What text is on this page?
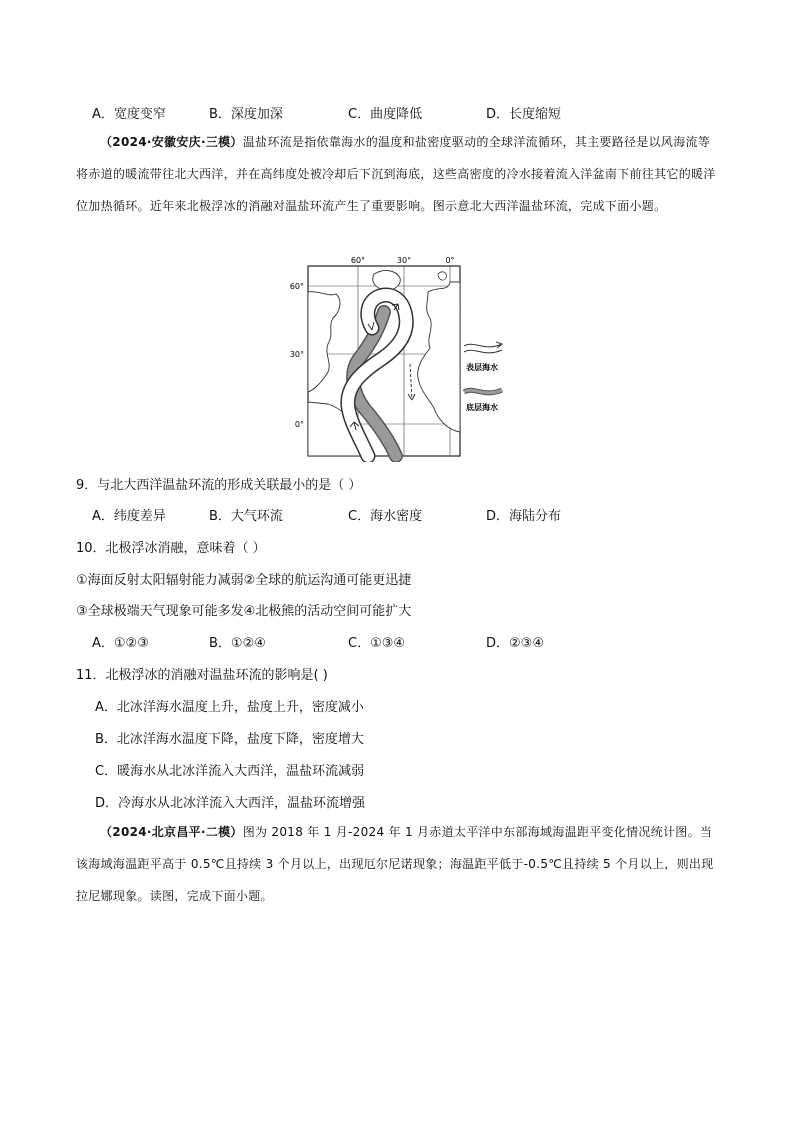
A．宽度变窄	B．深度加深	C．曲度降低	D．长度缩短
（2024·安徽安庆·三模）温盐环流是指依靠海水的温度和盐密度驱动的全球洋流循环，其主要路径是以风海流等将赤道的暖流带往北大西洋，并在高纬度处被冷却后下沉到海底，这些高密度的冷水接着流入洋盆南下前往其它的暖洋位加热循环。近年来北极浮冰的消融对温盐环流产生了重要影响。图示意北大西洋温盐环流，完成下面小题。
60°	30°	0°
60°
30°
0°
表层海水
底层海水
9．与北大西洋温盐环流的形成关联最小的是（ ）
A．纬度差异	B．大气环流	C．海水密度	D．海陆分布
10．北极浮冰消融，意味着（ ）
①海面反射太阳辐射能力减弱②全球的航运沟通可能更迅捷
③全球极端天气现象可能多发④北极熊的活动空间可能扩大
A．①②③	B．①②④	C．①③④	D．②③④
11．北极浮冰的消融对温盐环流的影响是( )
A．北冰洋海水温度上升，盐度上升，密度减小
B．北冰洋海水温度下降，盐度下降，密度增大
C．暖海水从北冰洋流入大西洋，温盐环流减弱
D．冷海水从北冰洋流入大西洋，温盐环流增强
（2024·北京昌平·二模）图为 2018 年 1 月-2024 年 1 月赤道太平洋中东部海域海温距平变化情况统计图。当该海域海温距平高于 0.5℃且持续 3 个月以上，出现厄尔尼诺现象；海温距平低于-0.5℃且持续 5 个月以上，则出现拉尼娜现象。读图，完成下面小题。
